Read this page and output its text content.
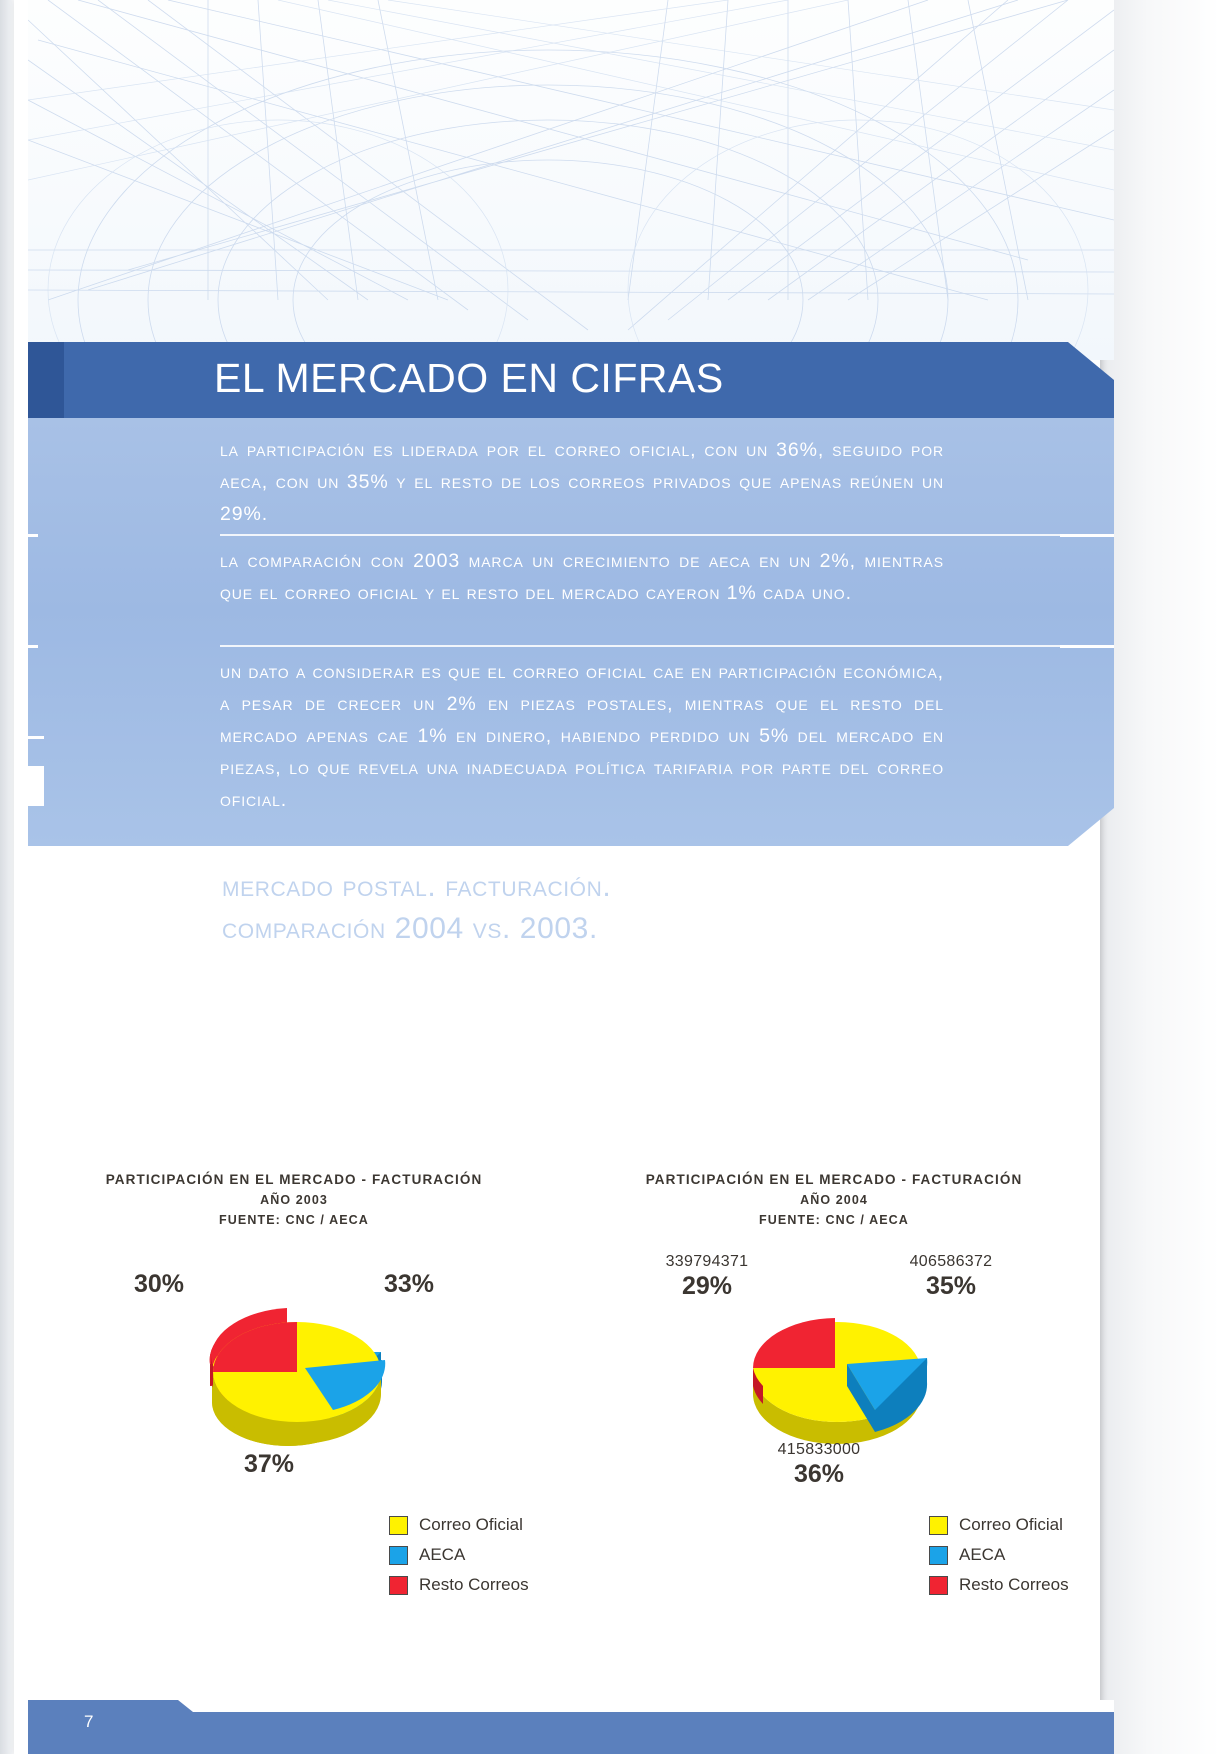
EL MERCADO EN CIFRAS
la participación es liderada por el correo oficial, con un 36%, seguido por aeca, con un 35% y el resto de los correos privados que apenas reúnen un 29%.
la comparación con 2003 marca un crecimiento de aeca en un 2%, mientras que el correo oficial y el resto del mercado cayeron 1% cada uno.
un dato a considerar es que el correo oficial cae en participación económica, a pesar de crecer un 2% en piezas postales, mientras que el resto del mercado apenas cae 1% en dinero, habiendo perdido un 5% del mercado en piezas, lo que revela una inadecuada política tarifaria por parte del correo oficial.
mercado postal. facturación.
comparación 2004 vs. 2003.
PARTICIPACIÓN EN EL MERCADO - FACTURACIÓN
AÑO 2003
FUENTE: CNC / AECA
30%	33%
37%
Correo Oficial
AECA
Resto Correos
PARTICIPACIÓN EN EL MERCADO - FACTURACIÓN
AÑO 2004
FUENTE: CNC / AECA
339794371
29%
406586372
35%
415833000
36%
Correo Oficial
AECA
Resto Correos
7
